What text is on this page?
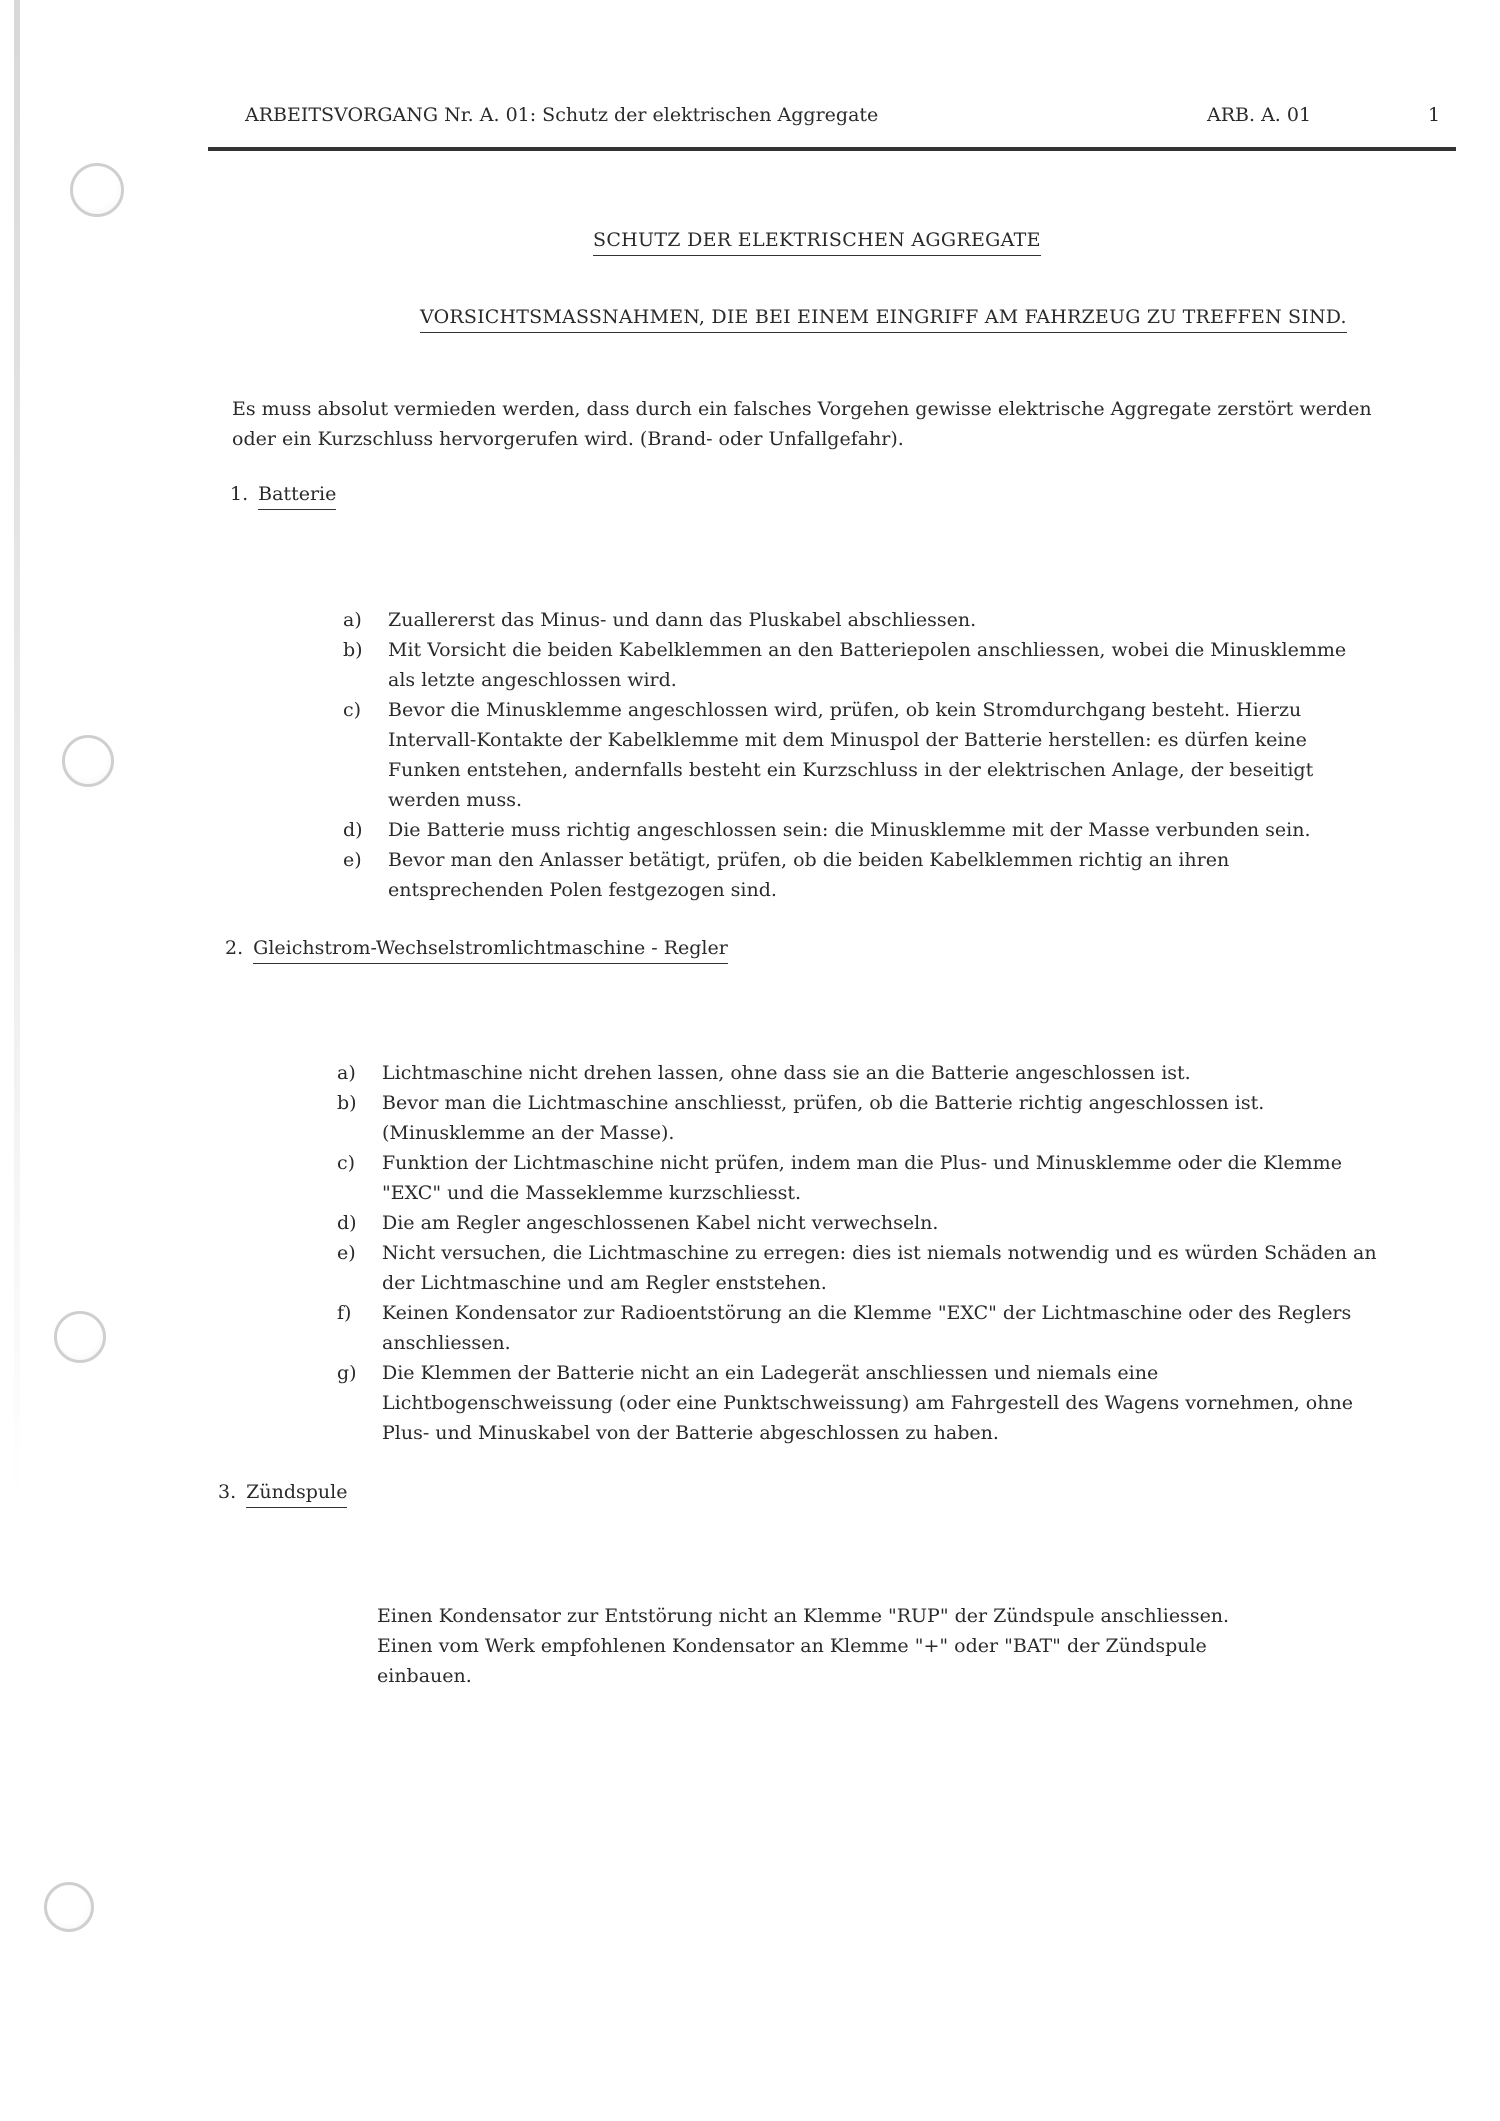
ARBEITSVORGANG Nr. A. 01: Schutz der elektrischen Aggregate	ARB. A. 01	1
SCHUTZ DER ELEKTRISCHEN AGGREGATE
VORSICHTSMASSNAHMEN, DIE BEI EINEM EINGRIFF AM FAHRZEUG ZU TREFFEN SIND.
Es muss absolut vermieden werden, dass durch ein falsches Vorgehen gewisse elektrische Aggregate zerstört werden oder ein Kurzschluss hervorgerufen wird. (Brand- oder Unfallgefahr).
1. Batterie
a)	Zuallererst das Minus- und dann das Pluskabel abschliessen.
b)	Mit Vorsicht die beiden Kabelklemmen an den Batteriepolen anschliessen, wobei die Minusklemme als letzte angeschlossen wird.
c)	Bevor die Minusklemme angeschlossen wird, prüfen, ob kein Stromdurchgang besteht. Hierzu Intervall-Kontakte der Kabelklemme mit dem Minuspol der Batterie herstellen: es dürfen keine Funken entstehen, andernfalls besteht ein Kurzschluss in der elektrischen Anlage, der beseitigt werden muss.
d)	Die Batterie muss richtig angeschlossen sein: die Minusklemme mit der Masse verbunden sein.
e)	Bevor man den Anlasser betätigt, prüfen, ob die beiden Kabelklemmen richtig an ihren entsprechenden Polen festgezogen sind.
2. Gleichstrom-Wechselstromlichtmaschine - Regler
a)	Lichtmaschine nicht drehen lassen, ohne dass sie an die Batterie angeschlossen ist.
b)	Bevor man die Lichtmaschine anschliesst, prüfen, ob die Batterie richtig angeschlossen ist. (Minusklemme an der Masse).
c)	Funktion der Lichtmaschine nicht prüfen, indem man die Plus- und Minusklemme oder die Klemme "EXC" und die Masseklemme kurzschliesst.
d)	Die am Regler angeschlossenen Kabel nicht verwechseln.
e)	Nicht versuchen, die Lichtmaschine zu erregen: dies ist niemals notwendig und es würden Schäden an der Lichtmaschine und am Regler enststehen.
f)	Keinen Kondensator zur Radioentstörung an die Klemme "EXC" der Lichtmaschine oder des Reglers anschliessen.
g)	Die Klemmen der Batterie nicht an ein Ladegerät anschliessen und niemals eine Lichtbogenschweissung (oder eine Punktschweissung) am Fahrgestell des Wagens vornehmen, ohne Plus- und Minuskabel von der Batterie abgeschlossen zu haben.
3. Zündspule

Einen Kondensator zur Entstörung nicht an Klemme "RUP" der Zündspule anschliessen.

Einen vom Werk empfohlenen Kondensator an Klemme "+" oder "BAT" der Zündspule einbauen.
